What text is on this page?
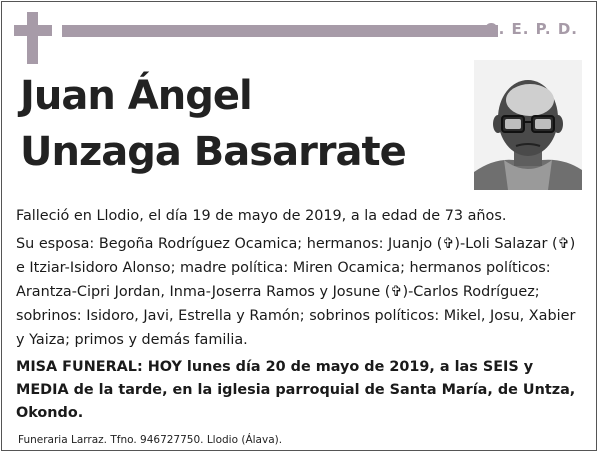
Q. E. P. D.
Juan Ángel
Unzaga Basarrate

Falleció en Llodio, el día 19 de mayo de 2019, a la edad de 73 años.

Su esposa: Begoña Rodríguez Ocamica; hermanos: Juanjo (✞)-Loli Salazar (✞) e Itziar-Isidoro Alonso; madre política: Miren Ocamica; hermanos políticos: Arantza-Cipri Jordan, Inma-Joserra Ramos y Josune (✞)-Carlos Rodríguez; sobrinos: Isidoro, Javi, Estrella y Ramón; sobrinos políticos: Mikel, Josu, Xabier y Yaiza; primos y demás familia.

MISA FUNERAL: HOY lunes día 20 de mayo de 2019, a las SEIS y MEDIA de la tarde, en la iglesia parroquial de Santa María, de Untza, Okondo.

Funeraria Larraz. Tfno. 946727750. Llodio (Álava).
